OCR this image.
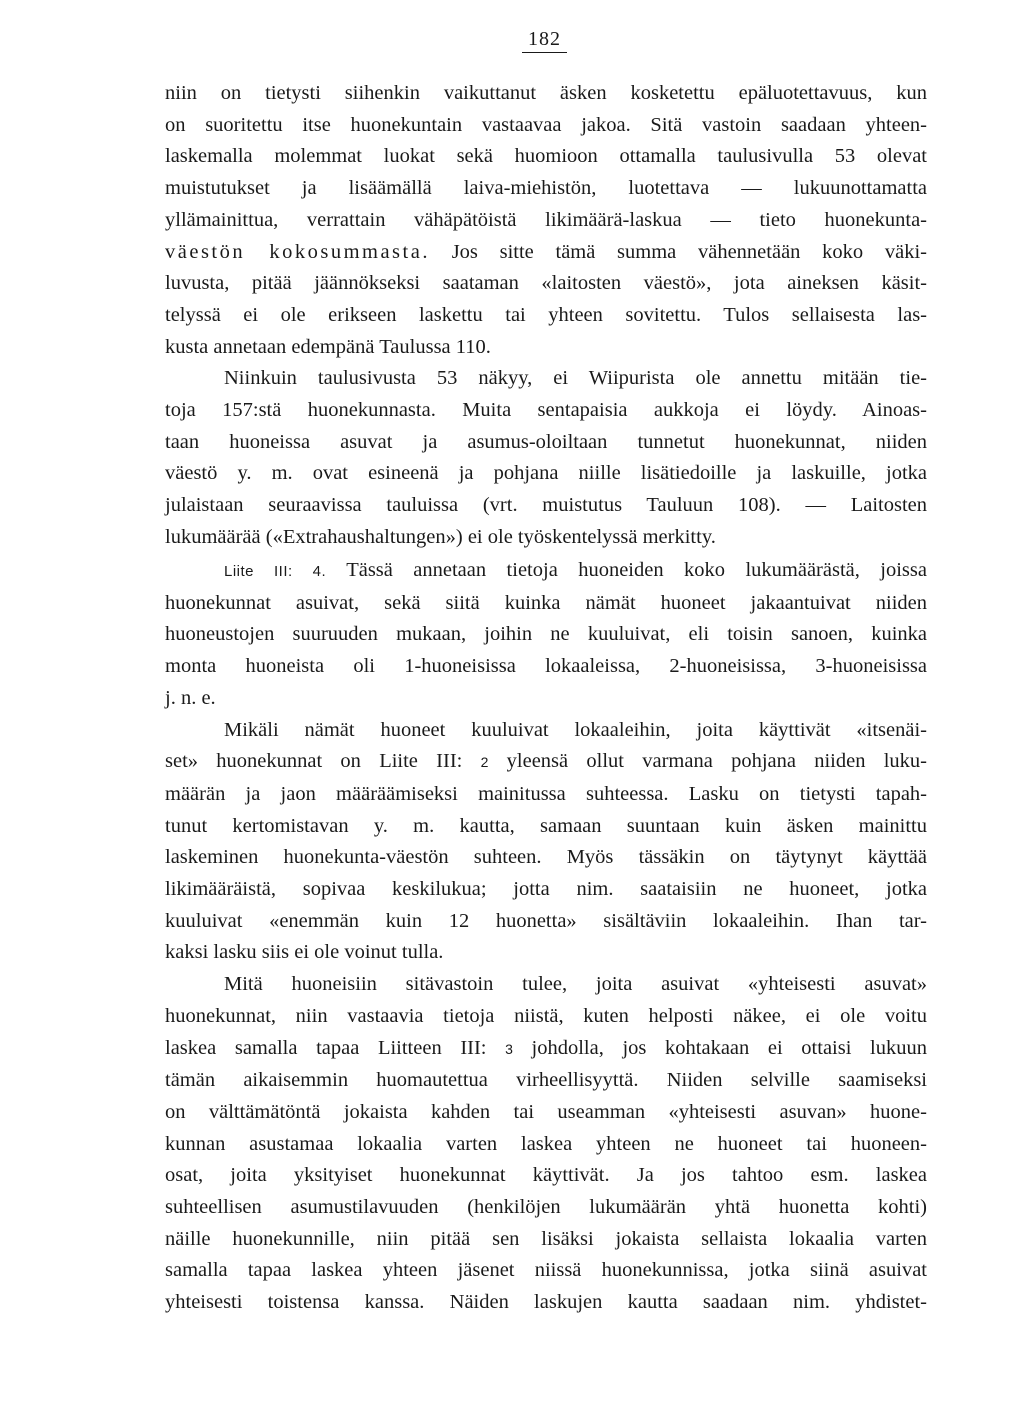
182
niin on tietysti siihenkin vaikuttanut äsken kosketettu epäluotettavuus, kun
on suoritettu itse huonekuntain vastaavaa jakoa. Sitä vastoin saadaan yhteen-
laskemalla molemmat luokat sekä huomioon ottamalla taulusivulla 53 olevat
muistutukset ja lisäämällä laiva-miehistön, luotettava — lukuunottamatta
yllämainittua, verrattain vähäpätöistä likimäärä-laskua — tieto huonekunta-
väestön kokosummasta. Jos sitte tämä summa vähennetään koko väki-
luvusta, pitää jäännökseksi saataman «laitosten väestö», jota aineksen käsit-
telyssä ei ole erikseen laskettu tai yhteen sovitettu. Tulos sellaisesta las-
kusta annetaan edempänä Taulussa 110.
Niinkuin taulusivusta 53 näkyy, ei Wiipurista ole annettu mitään tie-
toja 157:stä huonekunnasta. Muita sentapaisia aukkoja ei löydy. Ainoas-
taan huoneissa asuvat ja asumus-oloiltaan tunnetut huonekunnat, niiden
väestö y. m. ovat esineenä ja pohjana niille lisätiedoille ja laskuille, jotka
julaistaan seuraavissa tauluissa (vrt. muistutus Tauluun 108). — Laitosten
lukumäärää («Extrahaushaltungen») ei ole työskentelyssä merkitty.
Liite III: 4. Tässä annetaan tietoja huoneiden koko lukumäärästä, joissa
huonekunnat asuivat, sekä siitä kuinka nämät huoneet jakaantuivat niiden
huoneustojen suuruuden mukaan, joihin ne kuuluivat, eli toisin sanoen, kuinka
monta huoneista oli 1-huoneisissa lokaaleissa, 2-huoneisissa, 3-huoneisissa
j. n. e.
Mikäli nämät huoneet kuuluivat lokaaleihin, joita käyttivät «itsenäi-
set» huonekunnat on Liite III: 2 yleensä ollut varmana pohjana niiden luku-
määrän ja jaon määräämiseksi mainitussa suhteessa. Lasku on tietysti tapah-
tunut kertomistavan y. m. kautta, samaan suuntaan kuin äsken mainittu
laskeminen huonekunta-väestön suhteen. Myös tässäkin on täytynyt käyttää
likimääräistä, sopivaa keskilukua; jotta nim. saataisiin ne huoneet, jotka
kuuluivat «enemmän kuin 12 huonetta» sisältäviin lokaaleihin. Ihan tar-
kaksi lasku siis ei ole voinut tulla.
Mitä huoneisiin sitävastoin tulee, joita asuivat «yhteisesti asuvat»
huonekunnat, niin vastaavia tietoja niistä, kuten helposti näkee, ei ole voitu
laskea samalla tapaa Liitteen III: 3 johdolla, jos kohtakaan ei ottaisi lukuun
tämän aikaisemmin huomautettua virheellisyyttä. Niiden selville saamiseksi
on välttämätöntä jokaista kahden tai useamman «yhteisesti asuvan» huone-
kunnan asustamaa lokaalia varten laskea yhteen ne huoneet tai huoneen-
osat, joita yksityiset huonekunnat käyttivät. Ja jos tahtoo esm. laskea
suhteellisen asumustilavuuden (henkilöjen lukumäärän yhtä huonetta kohti)
näille huonekunnille, niin pitää sen lisäksi jokaista sellaista lokaalia varten
samalla tapaa laskea yhteen jäsenet niissä huonekunnissa, jotka siinä asuivat
yhteisesti toistensa kanssa. Näiden laskujen kautta saadaan nim. yhdistet-
